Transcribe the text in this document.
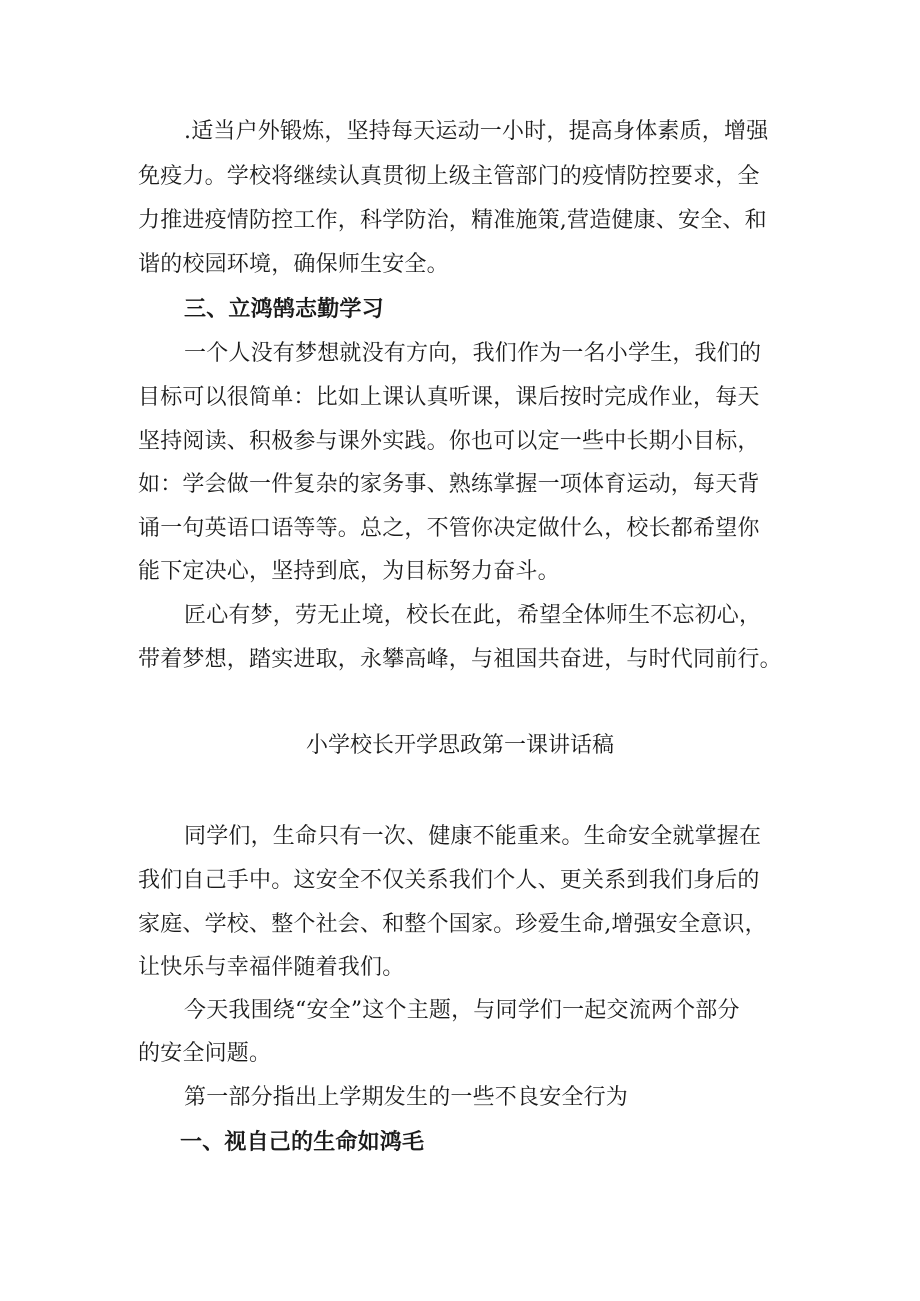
.适当户外锻炼，坚持每天运动一小时，提高身体素质，增强
免疫力。学校将继续认真贯彻上级主管部门的疫情防控要求，全
力推进疫情防控工作，科学防治，精准施策,营造健康、安全、和
谐的校园环境，确保师生安全。
三、立鸿鹄志勤学习
一个人没有梦想就没有方向，我们作为一名小学生，我们的
目标可以很简单：比如上课认真听课，课后按时完成作业，每天
坚持阅读、积极参与课外实践。你也可以定一些中长期小目标，
如：学会做一件复杂的家务事、熟练掌握一项体育运动，每天背
诵一句英语口语等等。总之，不管你决定做什么，校长都希望你
能下定决心，坚持到底，为目标努力奋斗。
匠心有梦，劳无止境，校长在此，希望全体师生不忘初心，
带着梦想，踏实进取，永攀高峰，与祖国共奋进，与时代同前行。
小学校长开学思政第一课讲话稿
同学们，生命只有一次、健康不能重来。生命安全就掌握在
我们自己手中。这安全不仅关系我们个人、更关系到我们身后的
家庭、学校、整个社会、和整个国家。珍爱生命,增强安全意识，
让快乐与幸福伴随着我们。
今天我围绕“安全”这个主题，与同学们一起交流两个部分
的安全问题。
第一部分指出上学期发生的一些不良安全行为
一、视自己的生命如鸿毛
